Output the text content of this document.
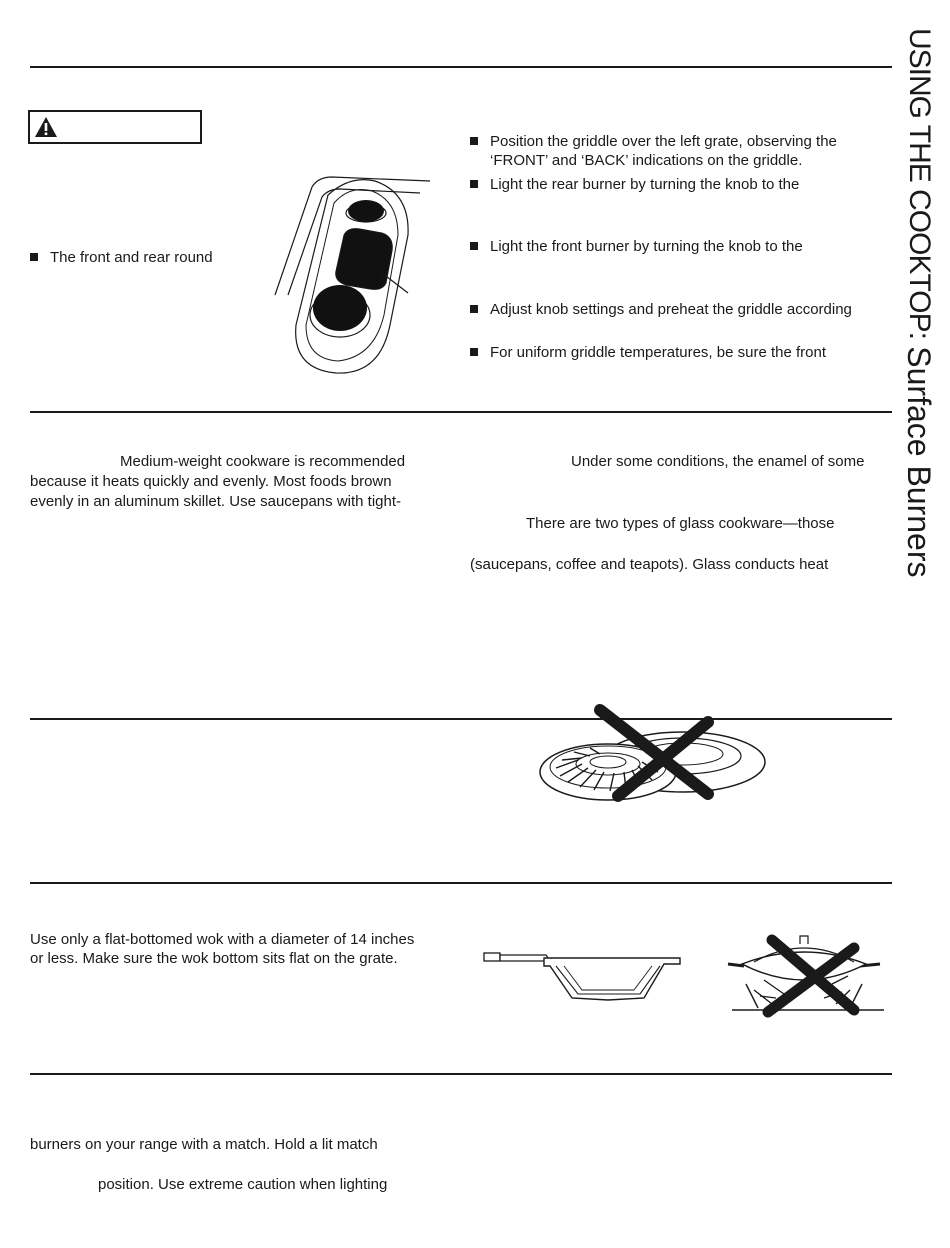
USING THE COOKTOP: Surface Burners
The front and rear round
Position the griddle over the left grate, observing the
‘FRONT’ and ‘BACK’ indications on the griddle.
Light the rear burner by turning the knob to the
Light the front burner by turning the knob to the
Adjust knob settings and preheat the griddle according
For uniform griddle temperatures, be sure the front
Medium-weight cookware is recommended
because it heats quickly and evenly. Most foods brown
evenly in an aluminum skillet. Use saucepans with tight-
Under some conditions, the enamel of some
There are two types of glass cookware—those
(saucepans, coffee and teapots). Glass conducts heat
Use only a flat-bottomed wok with a diameter of 14 inches
or less. Make sure the wok bottom sits flat on the grate.
burners on your range with a match. Hold a lit match
position. Use extreme caution when lighting
